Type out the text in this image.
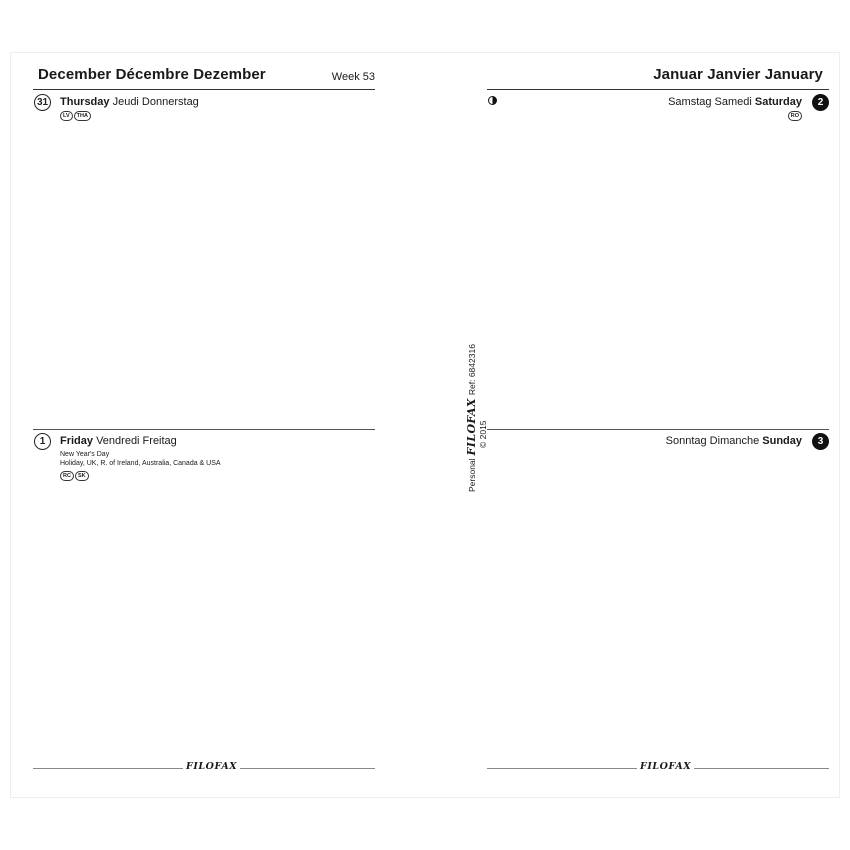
December Décembre Dezember	Week 53
31 Thursday Jeudi Donnerstag
LV	THA
1	Friday Vendredi Freitag
New Year's Day
Holiday, UK, R. of Ireland, Australia, Canada & USA
RC	SK
FILOFAX
Personal
FILOFAX
Ref: 6842316
© 2015
Januar Janvier January
Samstag Samedi Saturday	2
RO
Sonntag Dimanche Sunday	3
FILOFAX
